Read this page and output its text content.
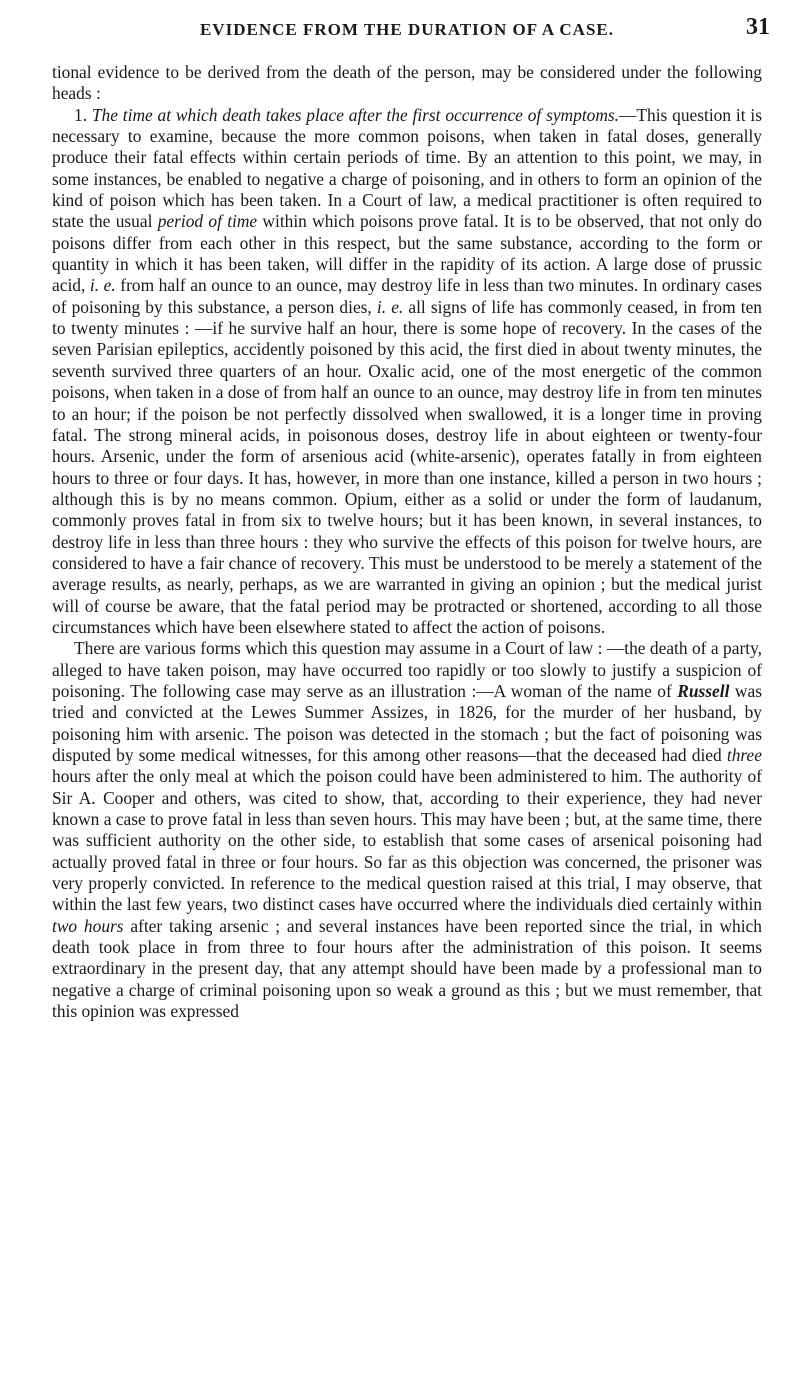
EVIDENCE FROM THE DURATION OF A CASE.	31

tional evidence to be derived from the death of the person, may be considered under the following heads :

1. The time at which death takes place after the first occurrence of symptoms.—This question it is necessary to examine, because the more common poisons, when taken in fatal doses, generally produce their fatal effects within certain periods of time. By an attention to this point, we may, in some instances, be enabled to negative a charge of poisoning, and in others to form an opinion of the kind of poison which has been taken. In a Court of law, a medical practitioner is often required to state the usual period of time within which poisons prove fatal. It is to be observed, that not only do poisons differ from each other in this respect, but the same substance, according to the form or quantity in which it has been taken, will differ in the rapidity of its action. A large dose of prussic acid, i. e. from half an ounce to an ounce, may destroy life in less than two minutes. In ordinary cases of poisoning by this substance, a person dies, i. e. all signs of life has commonly ceased, in from ten to twenty minutes : —if he survive half an hour, there is some hope of recovery. In the cases of the seven Parisian epileptics, accidently poisoned by this acid, the first died in about twenty minutes, the seventh survived three quarters of an hour. Oxalic acid, one of the most energetic of the common poisons, when taken in a dose of from half an ounce to an ounce, may destroy life in from ten minutes to an hour; if the poison be not perfectly dissolved when swallowed, it is a longer time in proving fatal. The strong mineral acids, in poisonous doses, destroy life in about eighteen or twenty-four hours. Arsenic, under the form of arsenious acid (white-arsenic), operates fatally in from eighteen hours to three or four days. It has, however, in more than one instance, killed a person in two hours ; although this is by no means common. Opium, either as a solid or under the form of laudanum, commonly proves fatal in from six to twelve hours; but it has been known, in several instances, to destroy life in less than three hours : they who survive the effects of this poison for twelve hours, are considered to have a fair chance of recovery. This must be understood to be merely a statement of the average results, as nearly, perhaps, as we are warranted in giving an opinion ; but the medical jurist will of course be aware, that the fatal period may be protracted or shortened, according to all those circumstances which have been elsewhere stated to affect the action of poisons.

There are various forms which this question may assume in a Court of law : —the death of a party, alleged to have taken poison, may have occurred too rapidly or too slowly to justify a suspicion of poisoning. The following case may serve as an illustration :—A woman of the name of Russell was tried and convicted at the Lewes Summer Assizes, in 1826, for the murder of her husband, by poisoning him with arsenic. The poison was detected in the stomach ; but the fact of poisoning was disputed by some medical witnesses, for this among other reasons—that the deceased had died three hours after the only meal at which the poison could have been administered to him. The authority of Sir A. Cooper and others, was cited to show, that, according to their experience, they had never known a case to prove fatal in less than seven hours. This may have been ; but, at the same time, there was sufficient authority on the other side, to establish that some cases of arsenical poisoning had actually proved fatal in three or four hours. So far as this objection was concerned, the prisoner was very properly convicted. In reference to the medical question raised at this trial, I may observe, that within the last few years, two distinct cases have occurred where the individuals died certainly within two hours after taking arsenic ; and several instances have been reported since the trial, in which death took place in from three to four hours after the administration of this poison. It seems extraordinary in the present day, that any attempt should have been made by a professional man to negative a charge of criminal poisoning upon so weak a ground as this ; but we must remember, that this opinion was expressed
